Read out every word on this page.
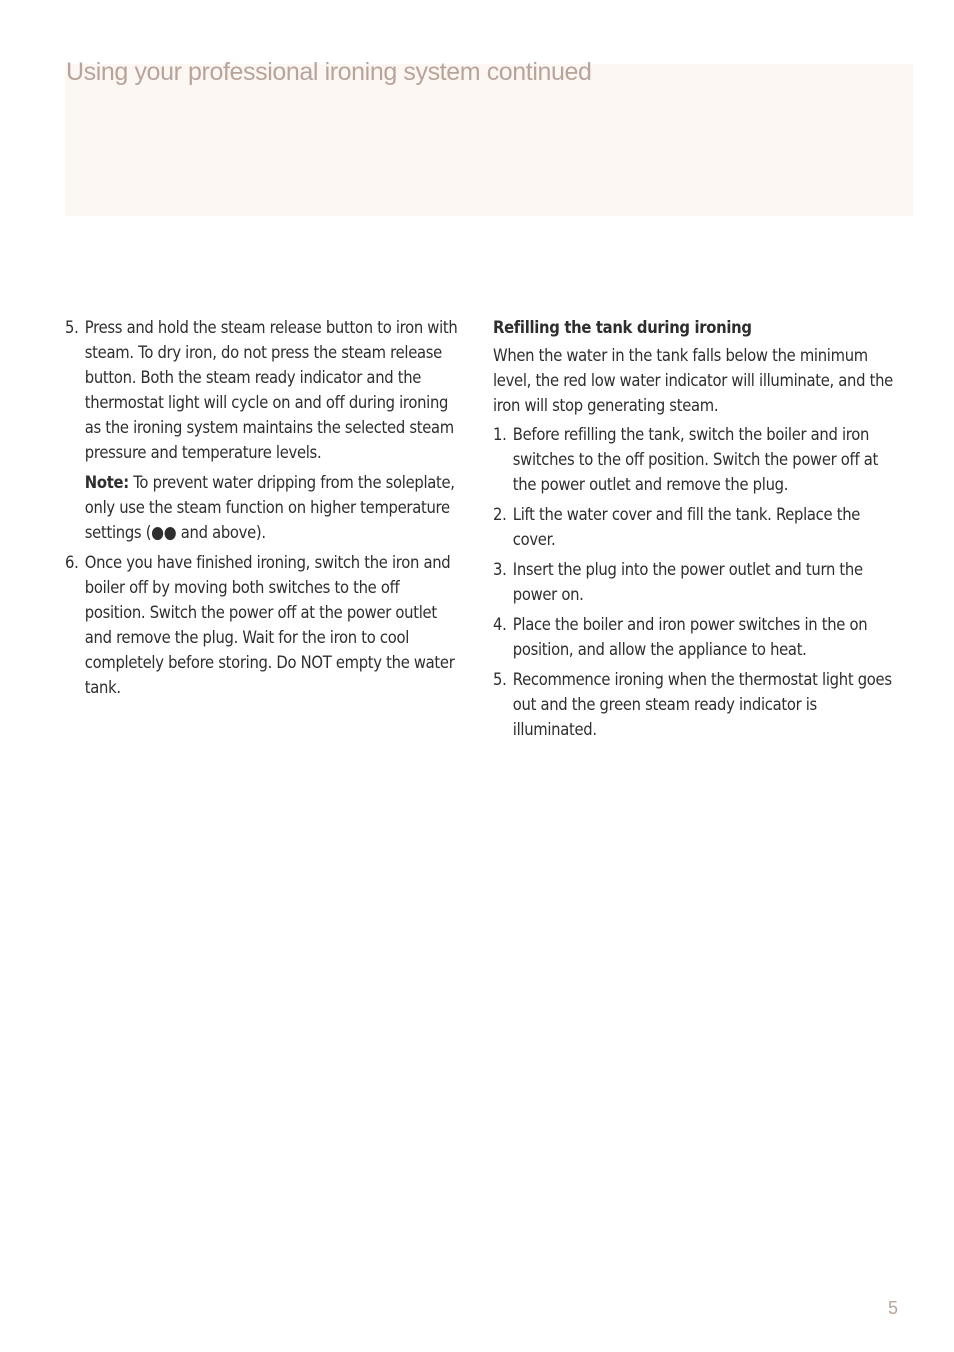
Using your professional ironing system continued
5. Press and hold the steam release button to iron with steam. To dry iron, do not press the steam release button. Both the steam ready indicator and the thermostat light will cycle on and off during ironing as the ironing system maintains the selected steam pressure and temperature levels.
Note: To prevent water dripping from the soleplate, only use the steam function on higher temperature settings (●● and above).
6. Once you have finished ironing, switch the iron and boiler off by moving both switches to the off position. Switch the power off at the power outlet and remove the plug. Wait for the iron to cool completely before storing. Do NOT empty the water tank.
Refilling the tank during ironing
When the water in the tank falls below the minimum level, the red low water indicator will illuminate, and the iron will stop generating steam.
1. Before refilling the tank, switch the boiler and iron switches to the off position. Switch the power off at the power outlet and remove the plug.
2. Lift the water cover and fill the tank. Replace the cover.
3. Insert the plug into the power outlet and turn the power on.
4. Place the boiler and iron power switches in the on position, and allow the appliance to heat.
5. Recommence ironing when the thermostat light goes out and the green steam ready indicator is illuminated.
5
